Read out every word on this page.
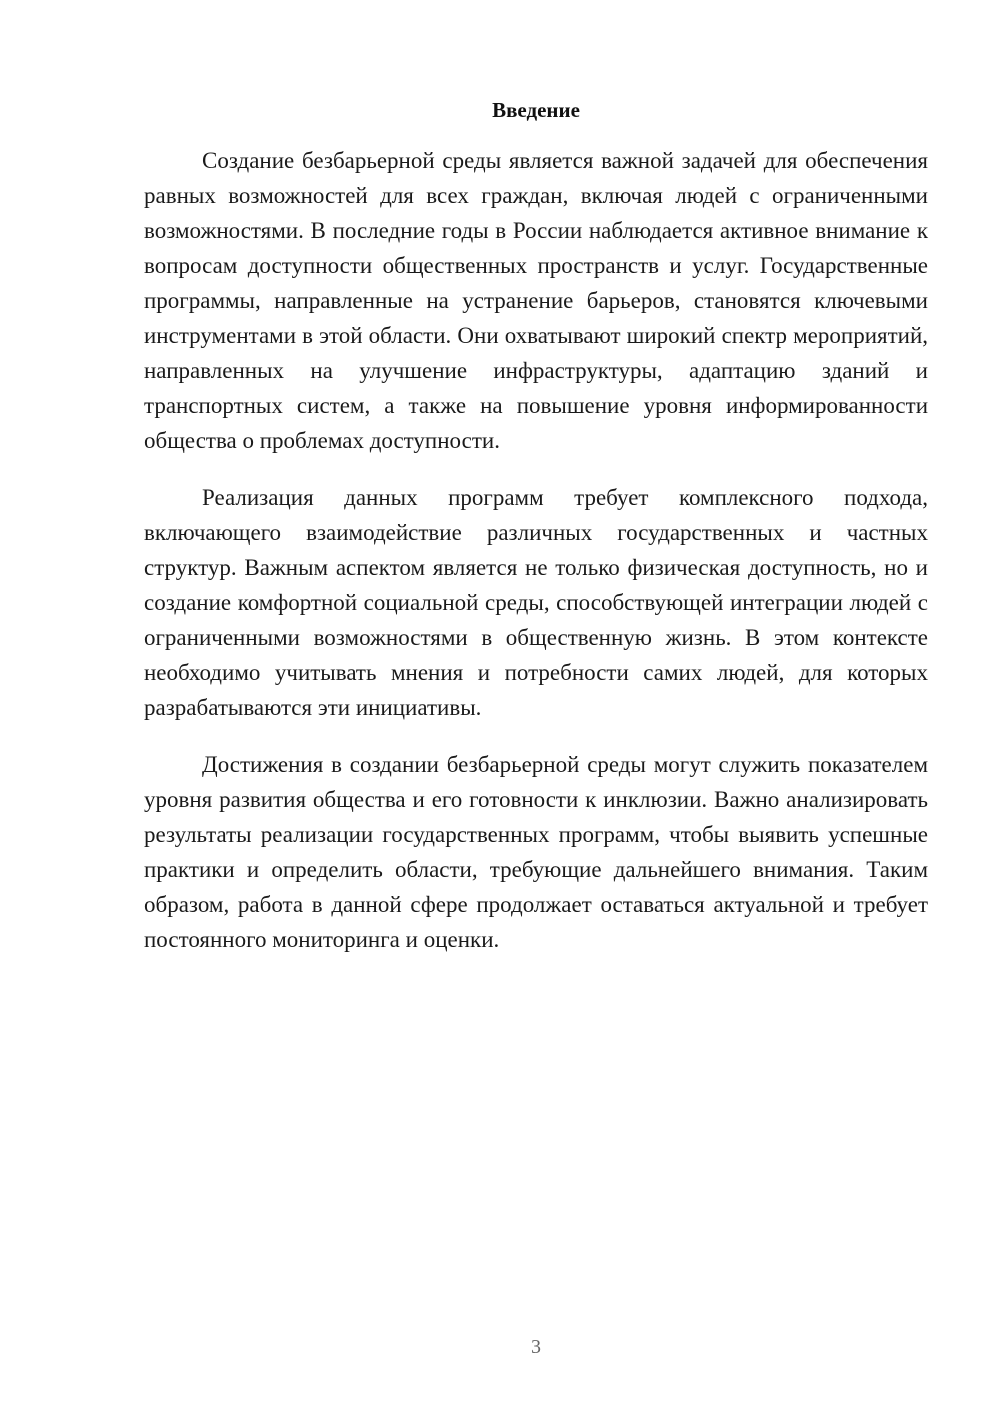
Введение

Создание безбарьерной среды является важной задачей для обеспечения равных возможностей для всех граждан, включая людей с ограниченными возможностями. В последние годы в России наблюдается активное внимание к вопросам доступности общественных пространств и услуг. Государственные программы, направленные на устранение барьеров, становятся ключевыми инструментами в этой области. Они охватывают широкий спектр мероприятий, направленных на улучшение инфраструктуры, адаптацию зданий и транспортных систем, а также на повышение уровня информированности общества о проблемах доступности.

Реализация данных программ требует комплексного подхода, включающего взаимодействие различных государственных и частных структур. Важным аспектом является не только физическая доступность, но и создание комфортной социальной среды, способствующей интеграции людей с ограниченными возможностями в общественную жизнь. В этом контексте необходимо учитывать мнения и потребности самих людей, для которых разрабатываются эти инициативы.

Достижения в создании безбарьерной среды могут служить показателем уровня развития общества и его готовности к инклюзии. Важно анализировать результаты реализации государственных программ, чтобы выявить успешные практики и определить области, требующие дальнейшего внимания. Таким образом, работа в данной сфере продолжает оставаться актуальной и требует постоянного мониторинга и оценки.

3
